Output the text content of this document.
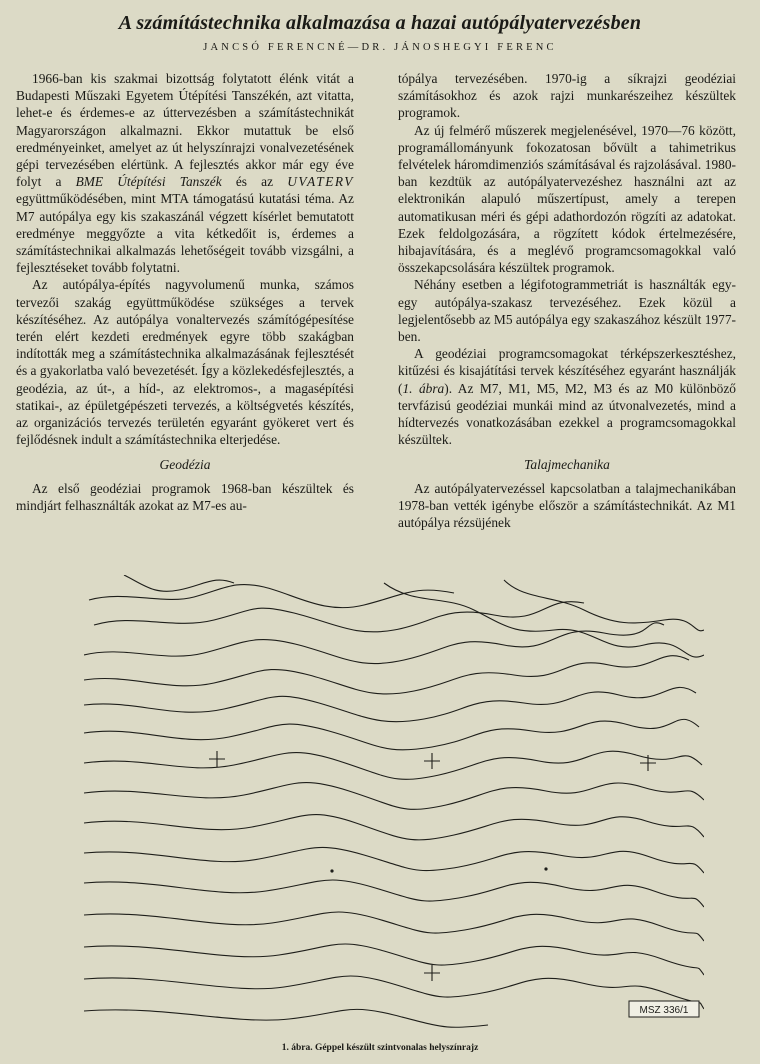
A számítástechnika alkalmazása a hazai autópályatervezésben
JANCSÓ FERENCNÉ—DR. JÁNOSHEGYI FERENC

1966-ban kis szakmai bizottság folytatott élénk vitát a Budapesti Műszaki Egyetem Útépítési Tanszékén, azt vitatta, lehet-e és érdemes-e az úttervezésben a számítástechnikát Magyarországon alkalmazni. Ekkor mutattuk be első eredményeinket, amelyet az út helyszínrajzi vonalvezetésének gépi tervezésében elértünk. A fejlesztés akkor már egy éve folyt a BME Útépítési Tanszék és az UVATERV együttműködésében, mint MTA támogatású kutatási téma. Az M7 autópálya egy kis szakaszánál végzett kísérlet bemutatott eredménye meggyőzte a vita kétkedőit is, érdemes a számítástechnikai alkalmazás lehetőségeit tovább vizsgálni, a fejlesztéseket tovább folytatni.

Az autópálya-építés nagyvolumenű munka, számos tervezői szakág együttműködése szükséges a tervek készítéséhez. Az autópálya vonaltervezés számítógépesítése terén elért kezdeti eredmények egyre több szakágban indították meg a számítástechnika alkalmazásának fejlesztését és a gyakorlatba való bevezetését. Így a közlekedésfejlesztés, a geodézia, az út-, a híd-, az elektromos-, a magasépítési statikai-, az épületgépészeti tervezés, a költségvetés készítés, az organizációs tervezés területén egyaránt gyökeret vert és fejlődésnek indult a számítástechnika elterjedése.

Geodézia

Az első geodéziai programok 1968-ban készültek és mindjárt felhasználták azokat az M7-es au-

tópálya tervezésében. 1970-ig a síkrajzi geodéziai számításokhoz és azok rajzi munkarészeihez készültek programok.

Az új felmérő műszerek megjelenésével, 1970—76 között, programállományunk fokozatosan bővült a tahimetrikus felvételek háromdimenziós számításával és rajzolásával. 1980-ban kezdtük az autópályatervezéshez használni azt az elektronikán alapuló műszertípust, amely a terepen automatikusan méri és gépi adathordozón rögzíti az adatokat. Ezek feldolgozására, a rögzített kódok értelmezésére, hibajavítására, és a meglévő programcsomagokkal való összekapcsolására készültek programok.

Néhány esetben a légifotogrammetriát is használták egy-egy autópálya-szakasz tervezéséhez. Ezek közül a legjelentősebb az M5 autópálya egy szakaszához készült 1977-ben.

A geodéziai programcsomagokat térképszerkesztéshez, kitűzési és kisajátítási tervek készítéséhez egyaránt használják (1. ábra). Az M7, M1, M5, M2, M3 és az M0 különböző tervfázisú geodéziai munkái mind az útvonalvezetés, mind a hídtervezés vonatkozásában ezekkel a programcsomagokkal készültek.

Talajmechanika

Az autópályatervezéssel kapcsolatban a talajmechanikában 1978-ban vették igénybe először a számítástechnikát. Az M1 autópálya rézsüjének

MSZ 336/1
1. ábra. Géppel készült szintvonalas helyszínrajz
